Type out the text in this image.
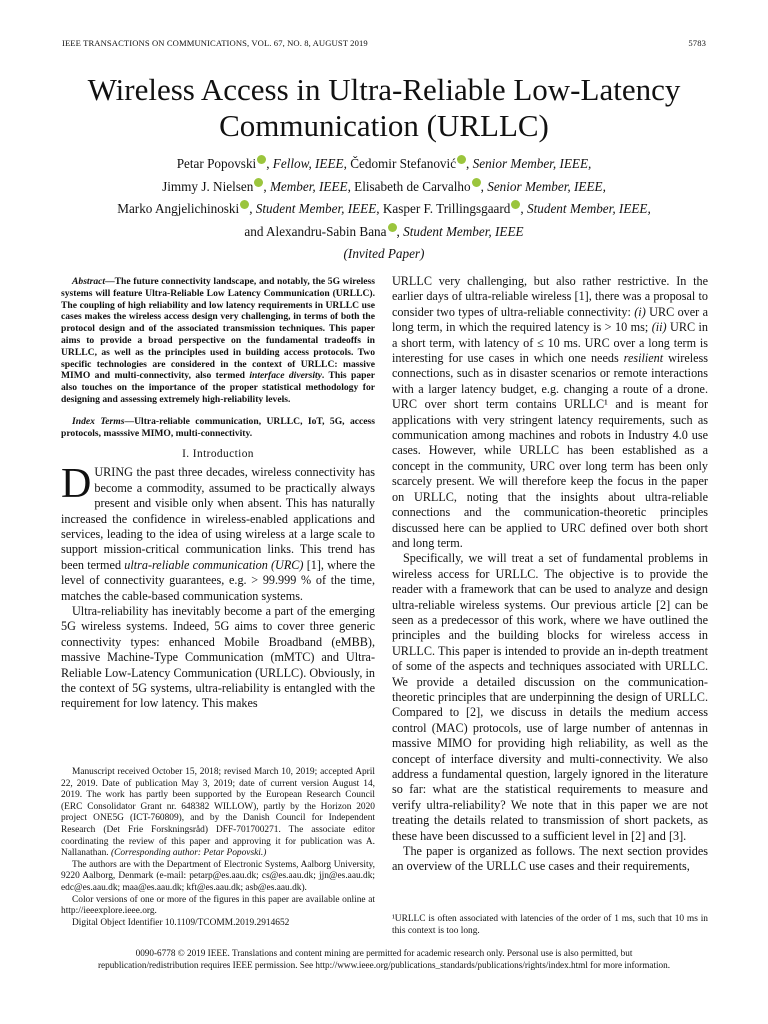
IEEE TRANSACTIONS ON COMMUNICATIONS, VOL. 67, NO. 8, AUGUST 2019	5783
Wireless Access in Ultra-Reliable Low-Latency
Communication (URLLC)
Petar Popovski , Fellow, IEEE, Čedomir Stefanović , Senior Member, IEEE,
Jimmy J. Nielsen , Member, IEEE, Elisabeth de Carvalho , Senior Member, IEEE,
Marko Angjelichinoski , Student Member, IEEE, Kasper F. Trillingsgaard , Student Member, IEEE,
and Alexandru-Sabin Bana , Student Member, IEEE
(Invited Paper)

Abstract—The future connectivity landscape, and notably, the 5G wireless systems will feature Ultra-Reliable Low Latency Communication (URLLC). The coupling of high reliability and low latency requirements in URLLC use cases makes the wireless access design very challenging, in terms of both the protocol design and of the associated transmission techniques. This paper aims to provide a broad perspective on the fundamental tradeoffs in URLLC, as well as the principles used in building access protocols. Two specific technologies are considered in the context of URLLC: massive MIMO and multi-connectivity, also termed interface diversity. This paper also touches on the importance of the proper statistical methodology for designing and assessing extremely high-reliability levels.

Index Terms—Ultra-reliable communication, URLLC, IoT, 5G, access protocols, masssive MIMO, multi-connectivity.

I. Introduction

DURING the past three decades, wireless connectivity has become a commodity, assumed to be practically always present and visible only when absent. This has naturally increased the confidence in wireless-enabled applications and services, leading to the idea of using wireless at a large scale to support mission-critical communication links. This trend has been termed ultra-reliable communication (URC) [1], where the level of connectivity guarantees, e.g. > 99.999 % of the time, matches the cable-based communication systems.

Ultra-reliability has inevitably become a part of the emerging 5G wireless systems. Indeed, 5G aims to cover three generic connectivity types: enhanced Mobile Broadband (eMBB), massive Machine-Type Communication (mMTC) and Ultra-Reliable Low-Latency Communication (URLLC). Obviously, in the context of 5G systems, ultra-reliability is entangled with the requirement for low latency. This makes

Manuscript received October 15, 2018; revised March 10, 2019; accepted April 22, 2019. Date of publication May 3, 2019; date of current version August 14, 2019. The work has partly been supported by the European Research Council (ERC Consolidator Grant nr. 648382 WILLOW), partly by the Horizon 2020 project ONE5G (ICT-760809), and by the Danish Council for Independent Research (Det Frie Forskningsråd) DFF-701700271. The associate editor coordinating the review of this paper and approving it for publication was A. Nallanathan. (Corresponding author: Petar Popovski.)

The authors are with the Department of Electronic Systems, Aalborg University, 9220 Aalborg, Denmark (e-mail: petarp@es.aau.dk; cs@es.aau.dk; jjn@es.aau.dk; edc@es.aau.dk; maa@es.aau.dk; kft@es.aau.dk; asb@es.aau.dk).

Color versions of one or more of the figures in this paper are available online at http://ieeexplore.ieee.org.

Digital Object Identifier 10.1109/TCOMM.2019.2914652

URLLC very challenging, but also rather restrictive. In the earlier days of ultra-reliable wireless [1], there was a proposal to consider two types of ultra-reliable connectivity: (i) URC over a long term, in which the required latency is > 10 ms; (ii) URC in a short term, with latency of ≤ 10 ms. URC over a long term is interesting for use cases in which one needs resilient wireless connections, such as in disaster scenarios or remote interactions with a larger latency budget, e.g. changing a route of a drone. URC over short term contains URLLC¹ and is meant for applications with very stringent latency requirements, such as communication among machines and robots in Industry 4.0 use cases. However, while URLLC has been established as a concept in the community, URC over long term has been only scarcely present. We will therefore keep the focus in the paper on URLLC, noting that the insights about ultra-reliable connections and the communication-theoretic principles discussed here can be applied to URC defined over both short and long term.

Specifically, we will treat a set of fundamental problems in wireless access for URLLC. The objective is to provide the reader with a framework that can be used to analyze and design ultra-reliable wireless systems. Our previous article [2] can be seen as a predecessor of this work, where we have outlined the principles and the building blocks for wireless access in URLLC. This paper is intended to provide an in-depth treatment of some of the aspects and techniques associated with URLLC. We provide a detailed discussion on the communication-theoretic principles that are underpinning the design of URLLC. Compared to [2], we discuss in details the medium access control (MAC) protocols, use of large number of antennas in massive MIMO for providing high reliability, as well as the concept of interface diversity and multi-connectivity. We also address a fundamental question, largely ignored in the literature so far: what are the statistical requirements to measure and verify ultra-reliability? We note that in this paper we are not treating the details related to transmission of short packets, as these have been discussed to a sufficient level in [2] and [3].

The paper is organized as follows. The next section provides an overview of the URLLC use cases and their requirements,

¹URLLC is often associated with latencies of the order of 1 ms, such that 10 ms in this context is too long.
0090-6778 © 2019 IEEE. Translations and content mining are permitted for academic research only. Personal use is also permitted, but
republication/redistribution requires IEEE permission. See http://www.ieee.org/publications_standards/publications/rights/index.html for more information.
